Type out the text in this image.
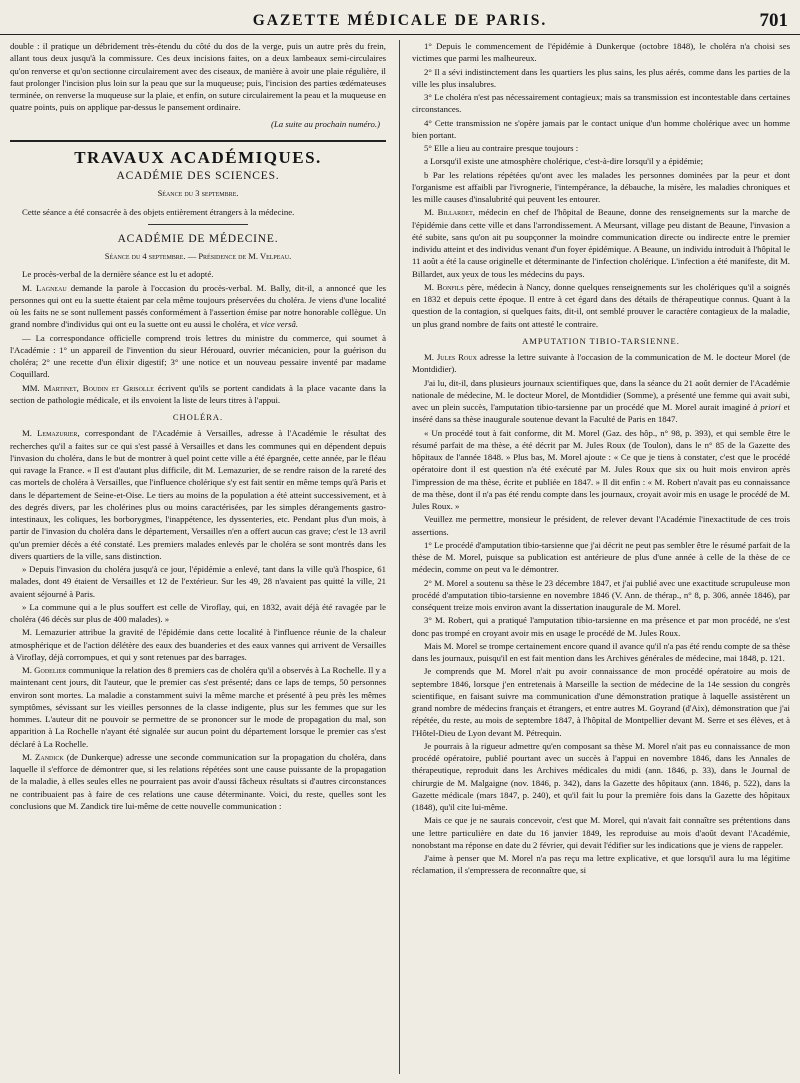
GAZETTE MÉDICALE DE PARIS.	701

double : il pratique un débridement très-étendu du côté du dos de la verge, puis un autre près du frein, allant tous deux jusqu'à la commissure. Ces deux incisions faites, on a deux lambeaux semi-circulaires qu'on renverse et qu'on sectionne circulairement avec des ciseaux, de manière à avoir une plaie régulière, il faut prolonger l'incision plus loin sur la peau que sur la muqueuse; puis, l'incision des parties œdémateuses terminée, on renverse la muqueuse sur la plaie, et enfin, on suture circulairement la peau et la muqueuse en quatre points, puis on applique par-dessus le pansement ordinaire.

(La suite au prochain numéro.)
TRAVAUX ACADÉMIQUES.
ACADÉMIE DES SCIENCES.
Séance du 3 septembre.

Cette séance a été consacrée à des objets entièrement étrangers à la médecine.

ACADÉMIE DE MÉDECINE.
Séance du 4 septembre. — Présidence de M. Velpeau.

Le procès-verbal de la dernière séance est lu et adopté.

M. Lagneau demande la parole à l'occasion du procès-verbal. M. Bally, dit-il, a annoncé que les personnes qui ont eu la suette étaient par cela même toujours préservées du choléra. Je viens d'une localité où les faits ne se sont nullement passés conformément à l'assertion émise par notre honorable collègue. Un grand nombre d'individus qui ont eu la suette ont eu aussi le choléra, et vice versâ.

— La correspondance officielle comprend trois lettres du ministre du commerce, qui soumet à l'Académie : 1° un appareil de l'invention du sieur Hérouard, ouvrier mécanicien, pour la guérison du choléra; 2° une recette d'un élixir digestif; 3° une notice et un nouveau pessaire inventé par madame Coquillard.

MM. Martinet, Boudin et Grisolle écrivent qu'ils se portent candidats à la place vacante dans la section de pathologie médicale, et ils envoient la liste de leurs titres à l'appui.

CHOLÉRA.

M. Lemazurier, correspondant de l'Académie à Versailles, adresse à l'Académie le résultat des recherches qu'il a faites sur ce qui s'est passé à Versailles et dans les communes qui en dépendent depuis l'invasion du choléra, dans le but de montrer à quel point cette ville a été épargnée, cette année, par le fléau qui ravage la France. « Il est d'autant plus difficile, dit M. Lemazurier, de se rendre raison de la rareté des cas mortels de choléra à Versailles, que l'influence cholérique s'y est fait sentir en même temps qu'à Paris et dans le département de Seine-et-Oise. Le tiers au moins de la population a été atteint successivement, et à des degrés divers, par les cholérines plus ou moins caractérisées, par les simples dérangements gastro-intestinaux, les coliques, les borborygmes, l'inappétence, les dyssenteries, etc. Pendant plus d'un mois, à partir de l'invasion du choléra dans le département, Versailles n'en a offert aucun cas grave; c'est le 13 avril qu'un premier décès a été constaté. Les premiers malades enlevés par le choléra se sont montrés dans les divers quartiers de la ville, sans distinction.

» Depuis l'invasion du choléra jusqu'à ce jour, l'épidémie a enlevé, tant dans la ville qu'à l'hospice, 61 malades, dont 49 étaient de Versailles et 12 de l'extérieur. Sur les 49, 28 n'avaient pas quitté la ville, 21 avaient séjourné à Paris.

» La commune qui a le plus souffert est celle de Viroflay, qui, en 1832, avait déjà été ravagée par le choléra (46 décès sur plus de 400 malades). »

M. Lemazurier attribue la gravité de l'épidémie dans cette localité à l'influence réunie de la chaleur atmosphérique et de l'action délétère des eaux des buanderies et des eaux vannes qui arrivent de Versailles à Viroflay, déjà corrompues, et qui y sont retenues par des barrages.

M. Godelier communique la relation des 8 premiers cas de choléra qu'il a observés à La Rochelle. Il y a maintenant cent jours, dit l'auteur, que le premier cas s'est présenté; dans ce laps de temps, 50 personnes environ sont mortes. La maladie a constamment suivi la même marche et présenté à peu près les mêmes symptômes, sévissant sur les vieilles personnes de la classe indigente, plus sur les femmes que sur les hommes. L'auteur dit ne pouvoir se permettre de se prononcer sur le mode de propagation du mal, son apparition à La Rochelle n'ayant été signalée sur aucun point du département lorsque le premier cas s'est déclaré à La Rochelle.

M. Zandick (de Dunkerque) adresse une seconde communication sur la propagation du choléra, dans laquelle il s'efforce de démontrer que, si les relations répétées sont une cause puissante de la propagation de la maladie, à elles seules elles ne pourraient pas avoir d'aussi fâcheux résultats si d'autres circonstances ne contribuaient pas à faire de ces relations une cause déterminante. Voici, du reste, quelles sont les conclusions que M. Zandick tire lui-même de cette nouvelle communication :

1° Depuis le commencement de l'épidémie à Dunkerque (octobre 1848), le choléra n'a choisi ses victimes que parmi les malheureux.

2° Il a sévi indistinctement dans les quartiers les plus sains, les plus aérés, comme dans les parties de la ville les plus insalubres.

3° Le choléra n'est pas nécessairement contagieux; mais sa transmission est incontestable dans certaines circonstances.

4° Cette transmission ne s'opère jamais par le contact unique d'un homme cholérique avec un homme bien portant.

5° Elle a lieu au contraire presque toujours :

a Lorsqu'il existe une atmosphère cholérique, c'est-à-dire lorsqu'il y a épidémie;

b Par les relations répétées qu'ont avec les malades les personnes dominées par la peur et dont l'organisme est affaibli par l'ivrognerie, l'intempérance, la débauche, la misère, les maladies chroniques et les mille causes d'insalubrité qui peuvent les entourer.

M. Billardet, médecin en chef de l'hôpital de Beaune, donne des renseignements sur la marche de l'épidémie dans cette ville et dans l'arrondissement. A Meursant, village peu distant de Beaune, l'invasion a été subite, sans qu'on ait pu soupçonner la moindre communication directe ou indirecte entre le premier individu atteint et des individus venant d'un foyer épidémique. A Beaune, un individu introduit à l'hôpital le 11 août a été la cause originelle et déterminante de l'infection cholérique. L'infection a été manifeste, dit M. Billardet, aux yeux de tous les médecins du pays.

M. Bonfils père, médecin à Nancy, donne quelques renseignements sur les cholériques qu'il a soignés en 1832 et depuis cette époque. Il entre à cet égard dans des détails de thérapeutique connus. Quant à la question de la contagion, si quelques faits, dit-il, ont semblé prouver le caractère contagieux de la maladie, un plus grand nombre de faits ont attesté le contraire.

AMPUTATION TIBIO-TARSIENNE.

M. Jules Roux adresse la lettre suivante à l'occasion de la communication de M. le docteur Morel (de Montdidier).

J'ai lu, dit-il, dans plusieurs journaux scientifiques que, dans la séance du 21 août dernier de l'Académie nationale de médecine, M. le docteur Morel, de Montdidier (Somme), a présenté une femme qui avait subi, avec un plein succès, l'amputation tibio-tarsienne par un procédé que M. Morel aurait imaginé à priori et inséré dans sa thèse inaugurale soutenue devant la Faculté de Paris en 1847.

« Un procédé tout à fait conforme, dit M. Morel (Gaz. des hôp., n° 98, p. 393), et qui semble être le résumé parfait de ma thèse, a été décrit par M. Jules Roux (de Toulon), dans le n° 85 de la Gazette des hôpitaux de l'année 1848. » Plus bas, M. Morel ajoute : « Ce que je tiens à constater, c'est que le procédé opératoire dont il est question n'a été exécuté par M. Jules Roux que six ou huit mois environ après l'impression de ma thèse, écrite et publiée en 1847. » Il dit enfin : « M. Robert n'avait pas eu connaissance de ma thèse, dont il n'a pas été rendu compte dans les journaux, croyait avoir mis en usage le procédé de M. Jules Roux. »

Veuillez me permettre, monsieur le président, de relever devant l'Académie l'inexactitude de ces trois assertions.

1° Le procédé d'amputation tibio-tarsienne que j'ai décrit ne peut pas sembler être le résumé parfait de la thèse de M. Morel, puisque sa publication est antérieure de plus d'une année à celle de la thèse de ce médecin, comme on peut va le démontrer.

2° M. Morel a soutenu sa thèse le 23 décembre 1847, et j'ai publié avec une exactitude scrupuleuse mon procédé d'amputation tibio-tarsienne en novembre 1846 (V. Ann. de thérap., n° 8, p. 306, année 1846), par conséquent treize mois environ avant la dissertation inaugurale de M. Morel.

3° M. Robert, qui a pratiqué l'amputation tibio-tarsienne en ma présence et par mon procédé, ne s'est donc pas trompé en croyant avoir mis en usage le procédé de M. Jules Roux.

Mais M. Morel se trompe certainement encore quand il avance qu'il n'a pas été rendu compte de sa thèse dans les journaux, puisqu'il en est fait mention dans les Archives générales de médecine, mai 1848, p. 121.

Je comprends que M. Morel n'ait pu avoir connaissance de mon procédé opératoire au mois de septembre 1846, lorsque j'en entretenais à Marseille la section de médecine de la 14e session du congrès scientifique, en faisant suivre ma communication d'une démonstration pratique à laquelle assistèrent un grand nombre de médecins français et étrangers, et entre autres M. Goyrand (d'Aix), démonstration que j'ai répétée, du reste, au mois de septembre 1847, à l'hôpital de Montpellier devant M. Serre et ses élèves, et à l'Hôtel-Dieu de Lyon devant M. Pétrequin.

Je pourrais à la rigueur admettre qu'en composant sa thèse M. Morel n'ait pas eu connaissance de mon procédé opératoire, publié pourtant avec un succès à l'appui en novembre 1846, dans les Annales de thérapeutique, reproduit dans les Archives médicales du midi (ann. 1846, p. 33), dans le Journal de chirurgie de M. Malgaigne (nov. 1846, p. 342), dans la Gazette des hôpitaux (ann. 1846, p. 522), dans la Gazette médicale (mars 1847, p. 240), et qu'il fait lu pour la première fois dans la Gazette des hôpitaux (1848), qu'il cite lui-même.

Mais ce que je ne saurais concevoir, c'est que M. Morel, qui n'avait fait connaître ses prétentions dans une lettre particulière en date du 16 janvier 1849, les reproduise au mois d'août devant l'Académie, nonobstant ma réponse en date du 2 février, qui devait l'édifier sur les indications que je viens de rappeler.

J'aime à penser que M. Morel n'a pas reçu ma lettre explicative, et que lorsqu'il aura lu ma légitime réclamation, il s'empressera de reconnaître que, si
